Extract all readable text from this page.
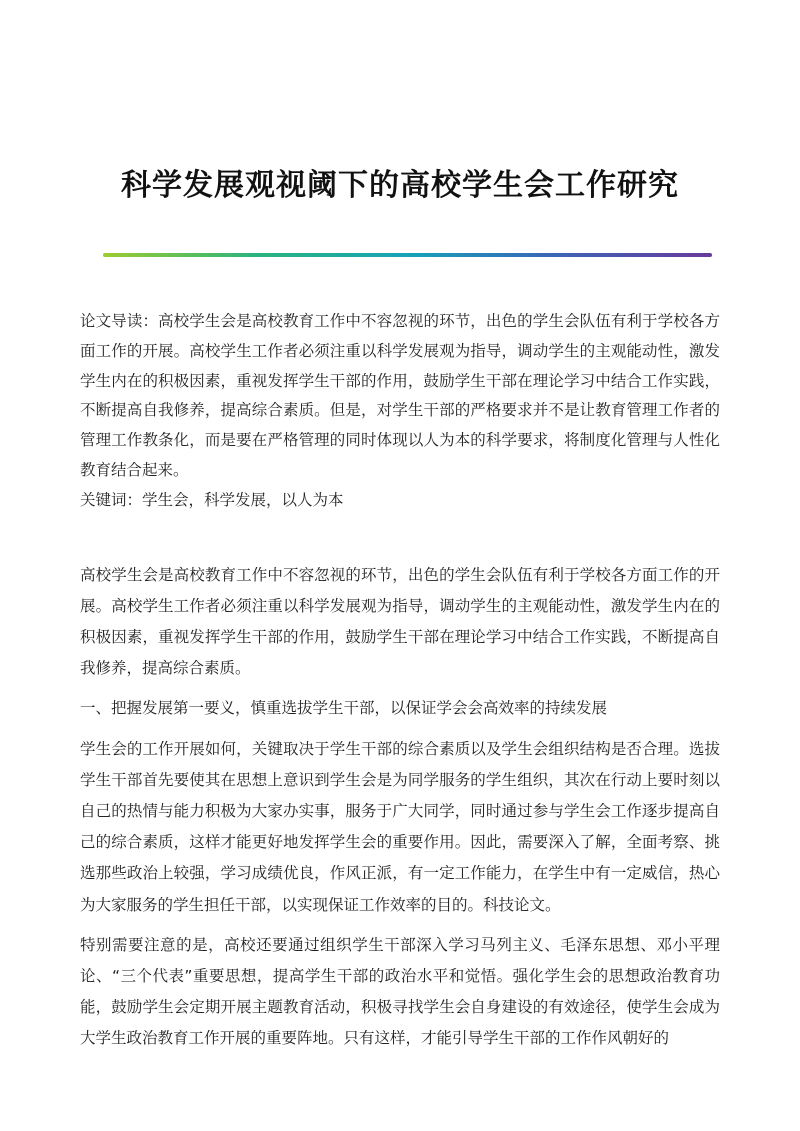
科学发展观视阈下的高校学生会工作研究

论文导读：高校学生会是高校教育工作中不容忽视的环节，出色的学生会队伍有利于学校各方面工作的开展。高校学生工作者必须注重以科学发展观为指导，调动学生的主观能动性，激发学生内在的积极因素，重视发挥学生干部的作用，鼓励学生干部在理论学习中结合工作实践，不断提高自我修养，提高综合素质。但是，对学生干部的严格要求并不是让教育管理工作者的管理工作教条化，而是要在严格管理的同时体现以人为本的科学要求，将制度化管理与人性化教育结合起来。

关键词：学生会，科学发展，以人为本

高校学生会是高校教育工作中不容忽视的环节，出色的学生会队伍有利于学校各方面工作的开展。高校学生工作者必须注重以科学发展观为指导，调动学生的主观能动性，激发学生内在的积极因素，重视发挥学生干部的作用，鼓励学生干部在理论学习中结合工作实践，不断提高自我修养，提高综合素质。

一、把握发展第一要义，慎重选拔学生干部，以保证学会会高效率的持续发展

学生会的工作开展如何，关键取决于学生干部的综合素质以及学生会组织结构是否合理。选拔学生干部首先要使其在思想上意识到学生会是为同学服务的学生组织，其次在行动上要时刻以自己的热情与能力积极为大家办实事，服务于广大同学，同时通过参与学生会工作逐步提高自己的综合素质，这样才能更好地发挥学生会的重要作用。因此，需要深入了解，全面考察、挑选那些政治上较强，学习成绩优良，作风正派，有一定工作能力，在学生中有一定威信，热心为大家服务的学生担任干部，以实现保证工作效率的目的。科技论文。

特别需要注意的是，高校还要通过组织学生干部深入学习马列主义、毛泽东思想、邓小平理论、“三个代表”重要思想，提高学生干部的政治水平和觉悟。强化学生会的思想政治教育功能，鼓励学生会定期开展主题教育活动，积极寻找学生会自身建设的有效途径，使学生会成为大学生政治教育工作开展的重要阵地。只有这样，才能引导学生干部的工作作风朝好的
